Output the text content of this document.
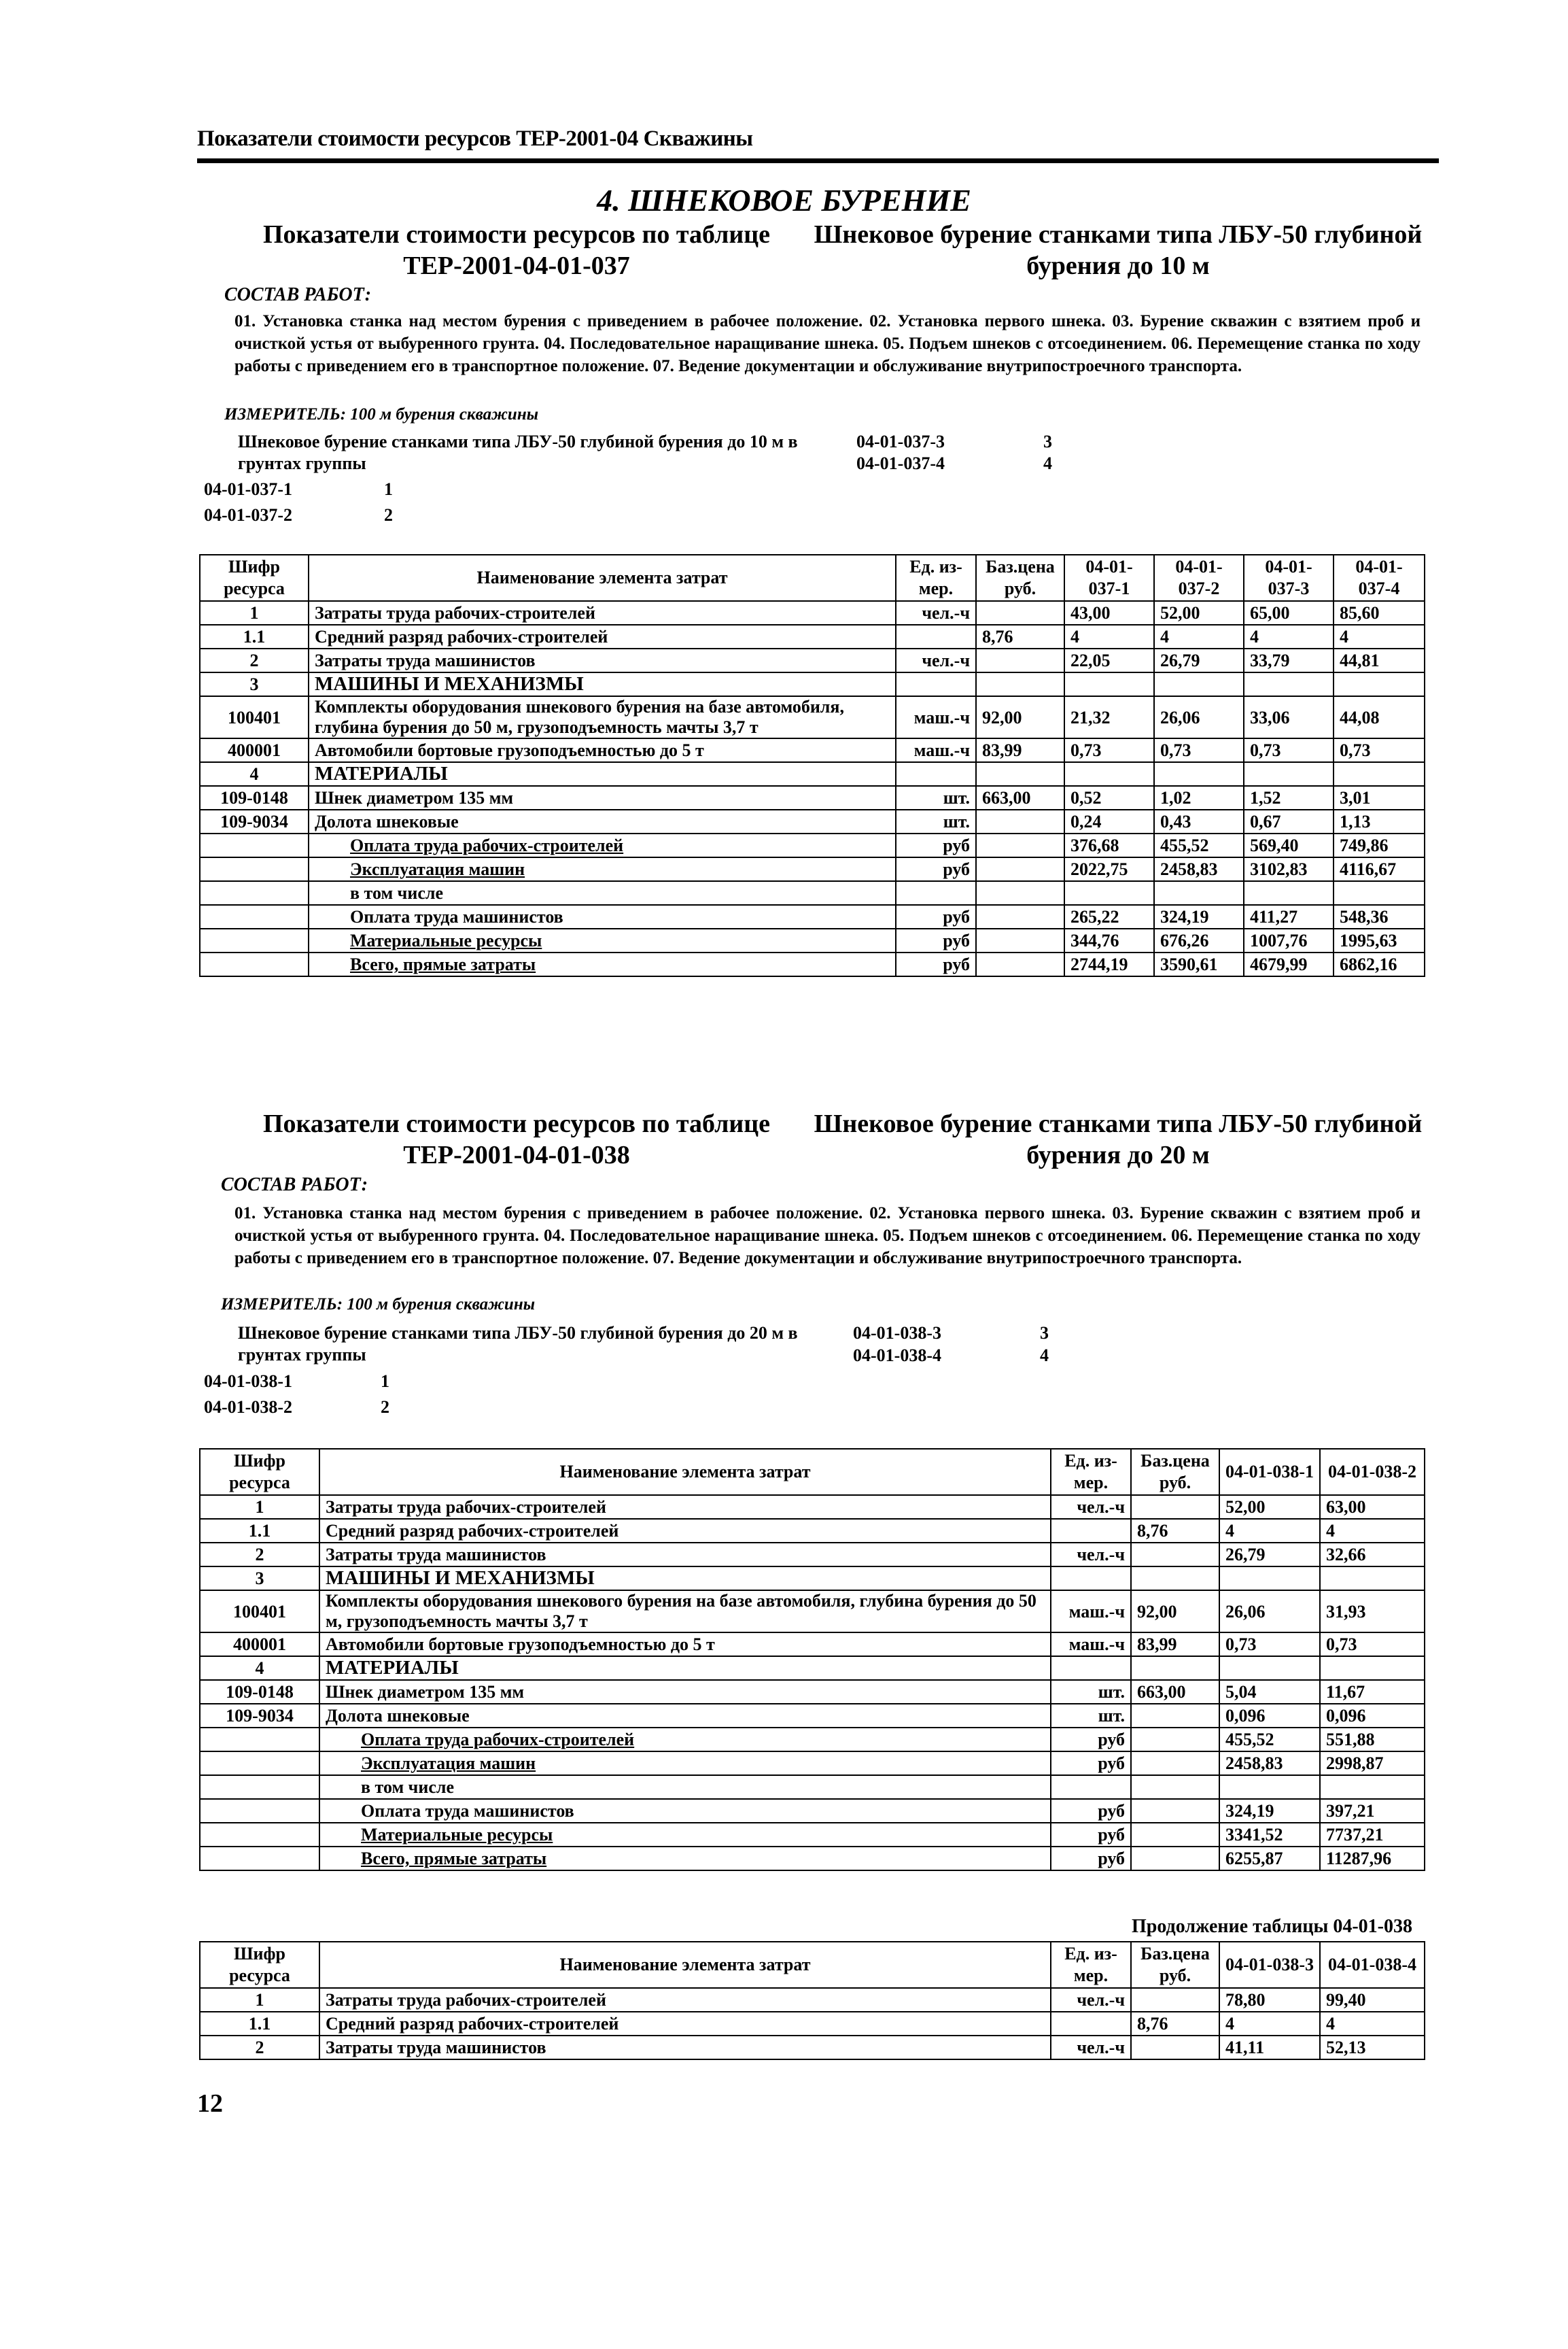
Показатели стоимости ресурсов ТЕР-2001-04 Скважины
4. ШНЕКОВОЕ БУРЕНИЕ
Показатели стоимости ресурсов по таблице ТЕР-2001-04-01-037
Шнековое бурение станками типа ЛБУ-50 глубиной бурения до 10 м
СОСТАВ РАБОТ:
01. Установка станка над местом бурения с приведением в рабочее положение. 02. Установка первого шнека. 03. Бурение скважин с взятием проб и очисткой устья от выбуренного грунта. 04. Последовательное наращивание шнека. 05. Подъем шнеков с отсоединением. 06. Перемещение станка по ходу работы с приведением его в транспортное положение. 07. Ведение документации и обслуживание внутрипостроечного транспорта.
ИЗМЕРИТЕЛЬ: 100 м бурения скважины
Шнековое бурение станками типа ЛБУ-50 глубиной бурения до 10 м в грунтах группы
04-01-037-3	3
04-01-037-4	4
04-01-037-1	1
04-01-037-2	2
Шифр ресурса	Наименование элемента затрат	Ед. из-мер.	Баз.цена руб.	04-01-037-1	04-01-037-2	04-01-037-3	04-01-037-4
1	Затраты труда рабочих-строителей	чел.-ч		43,00	52,00	65,00	85,60
1.1	Средний разряд рабочих-строителей		8,76	4	4	4	4
2	Затраты труда машинистов	чел.-ч		22,05	26,79	33,79	44,81
3	МАШИНЫ И МЕХАНИЗМЫ						
100401	Комплекты оборудования шнекового бурения на базе автомобиля, глубина бурения до 50 м, грузоподъемность мачты 3,7 т	маш.-ч	92,00	21,32	26,06	33,06	44,08
400001	Автомобили бортовые грузоподъемностью до 5 т	маш.-ч	83,99	0,73	0,73	0,73	0,73
4	МАТЕРИАЛЫ						
109-0148	Шнек диаметром 135 мм	шт.	663,00	0,52	1,02	1,52	3,01
109-9034	Долота шнековые	шт.		0,24	0,43	0,67	1,13
	Оплата труда рабочих-строителей	руб		376,68	455,52	569,40	749,86
	Эксплуатация машин	руб		2022,75	2458,83	3102,83	4116,67
	в том числе						
	Оплата труда машинистов	руб		265,22	324,19	411,27	548,36
	Материальные ресурсы	руб		344,76	676,26	1007,76	1995,63
	Всего, прямые затраты	руб		2744,19	3590,61	4679,99	6862,16
Показатели стоимости ресурсов по таблице ТЕР-2001-04-01-038
Шнековое бурение станками типа ЛБУ-50 глубиной бурения до 20 м
СОСТАВ РАБОТ:
01. Установка станка над местом бурения с приведением в рабочее положение. 02. Установка первого шнека. 03. Бурение скважин с взятием проб и очисткой устья от выбуренного грунта. 04. Последовательное наращивание шнека. 05. Подъем шнеков с отсоединением. 06. Перемещение станка по ходу работы с приведением его в транспортное положение. 07. Ведение документации и обслуживание внутрипостроечного транспорта.
ИЗМЕРИТЕЛЬ: 100 м бурения скважины
Шнековое бурение станками типа ЛБУ-50 глубиной бурения до 20 м в грунтах группы
04-01-038-3	3
04-01-038-4	4
04-01-038-1	1
04-01-038-2	2
Шифр ресурса	Наименование элемента затрат	Ед. из-мер.	Баз.цена руб.	04-01-038-1	04-01-038-2
1	Затраты труда рабочих-строителей	чел.-ч		52,00	63,00
1.1	Средний разряд рабочих-строителей		8,76	4	4
2	Затраты труда машинистов	чел.-ч		26,79	32,66
3	МАШИНЫ И МЕХАНИЗМЫ				
100401	Комплекты оборудования шнекового бурения на базе автомобиля, глубина бурения до 50 м, грузоподъемность мачты 3,7 т	маш.-ч	92,00	26,06	31,93
400001	Автомобили бортовые грузоподъемностью до 5 т	маш.-ч	83,99	0,73	0,73
4	МАТЕРИАЛЫ				
109-0148	Шнек диаметром 135 мм	шт.	663,00	5,04	11,67
109-9034	Долота шнековые	шт.		0,096	0,096
	Оплата труда рабочих-строителей	руб		455,52	551,88
	Эксплуатация машин	руб		2458,83	2998,87
	в том числе				
	Оплата труда машинистов	руб		324,19	397,21
	Материальные ресурсы	руб		3341,52	7737,21
	Всего, прямые затраты	руб		6255,87	11287,96
Продолжение таблицы 04-01-038
Шифр ресурса	Наименование элемента затрат	Ед. из-мер.	Баз.цена руб.	04-01-038-3	04-01-038-4
1	Затраты труда рабочих-строителей	чел.-ч		78,80	99,40
1.1	Средний разряд рабочих-строителей		8,76	4	4
2	Затраты труда машинистов	чел.-ч		41,11	52,13
12
